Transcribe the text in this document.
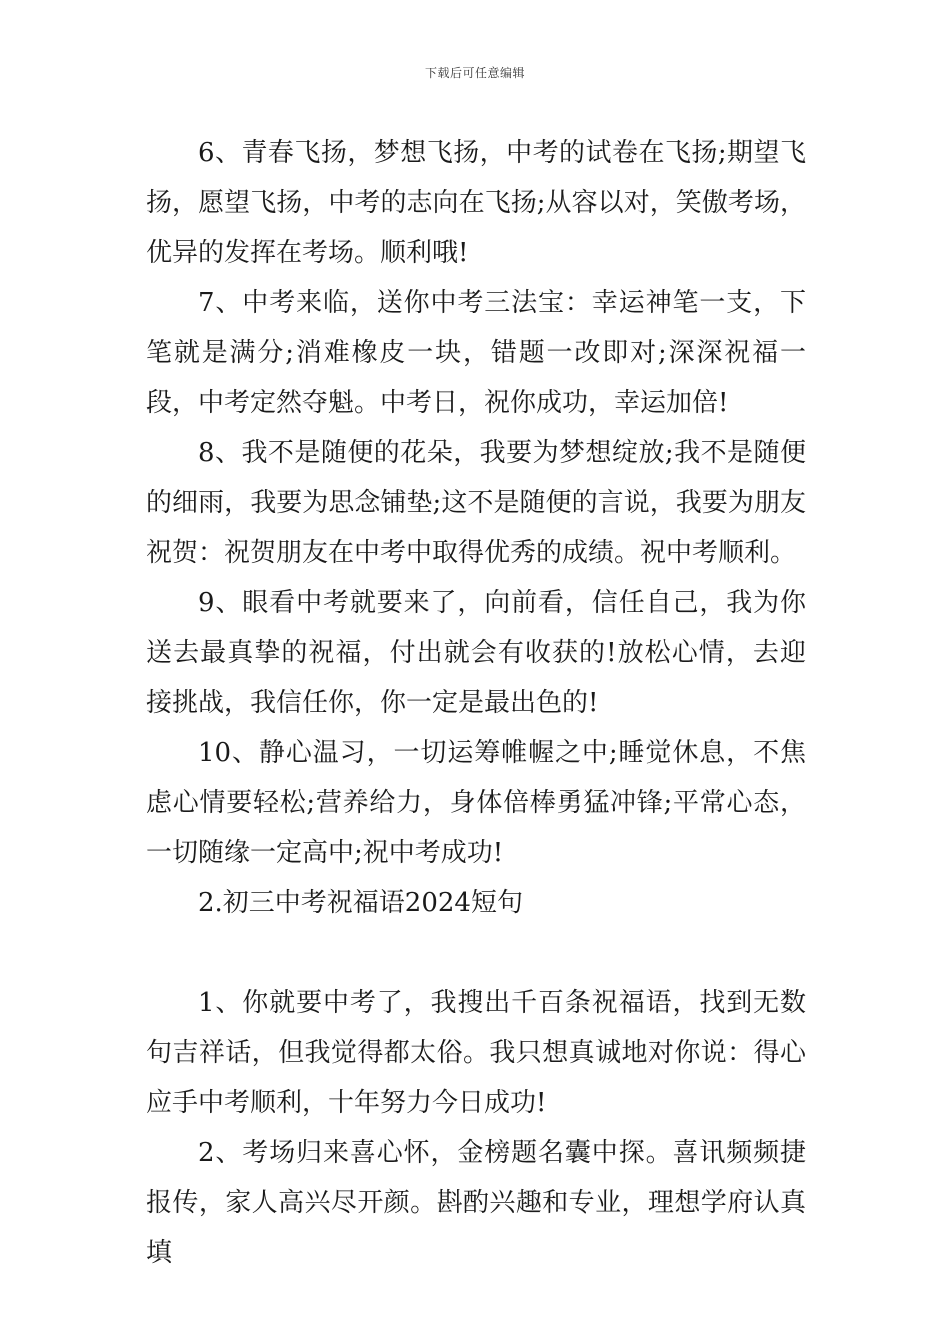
下载后可任意编辑

6、青春飞扬，梦想飞扬，中考的试卷在飞扬;期望飞扬，愿望飞扬，中考的志向在飞扬;从容以对，笑傲考场，优异的发挥在考场。顺利哦!

7、中考来临，送你中考三法宝：幸运神笔一支，下笔就是满分;消难橡皮一块，错题一改即对;深深祝福一段，中考定然夺魁。中考日，祝你成功，幸运加倍!

8、我不是随便的花朵，我要为梦想绽放;我不是随便的细雨，我要为思念铺垫;这不是随便的言说，我要为朋友祝贺：祝贺朋友在中考中取得优秀的成绩。祝中考顺利。

9、眼看中考就要来了，向前看，信任自己，我为你送去最真挚的祝福，付出就会有收获的!放松心情，去迎接挑战，我信任你，你一定是最出色的!

10、静心温习，一切运筹帷幄之中;睡觉休息，不焦虑心情要轻松;营养给力，身体倍棒勇猛冲锋;平常心态，一切随缘一定高中;祝中考成功!

2.初三中考祝福语2024短句

1、你就要中考了，我搜出千百条祝福语，找到无数句吉祥话，但我觉得都太俗。我只想真诚地对你说：得心应手中考顺利，十年努力今日成功!

2、考场归来喜心怀，金榜题名囊中探。喜讯频频捷报传，家人高兴尽开颜。斟酌兴趣和专业，理想学府认真填
